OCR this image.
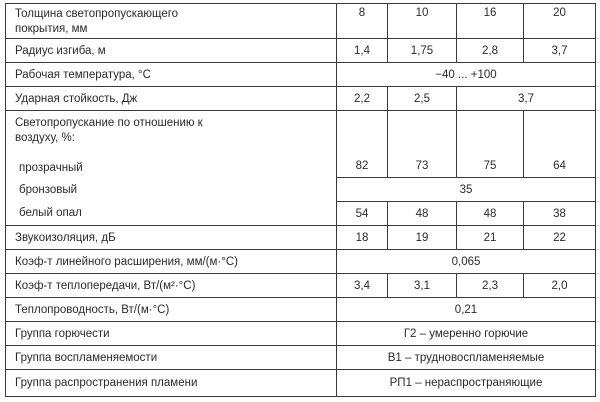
Толщина светопропускающего покрытия, мм	8	10	16	20
Радиус изгиба, м	1,4	1,75	2,8	3,7
Рабочая температура, °C	−40 ... +100			
Ударная стойкость, Дж	2,2	2,5	3,7	

Светопропускание по отношению к воздуху, %:
прозрачный	82	73	75	64
бронзовый	35			
белый опал	54	48	48	38
Звукоизоляция, дБ	18	19	21	22
Коэф-т линейного расширения, мм/(м·°C)	0,065			
Коэф-т теплопередачи, Вт/(м²·°C)	3,4	3,1	2,3	2,0
Теплопроводность, Вт/(м·°C)	0,21			
Группа горючести	Г2 – умеренно горючие			
Группа воспламеняемости	В1 – трудновоспламеняемые			
Группа распространения пламени	РП1 – нераспространяющие			
